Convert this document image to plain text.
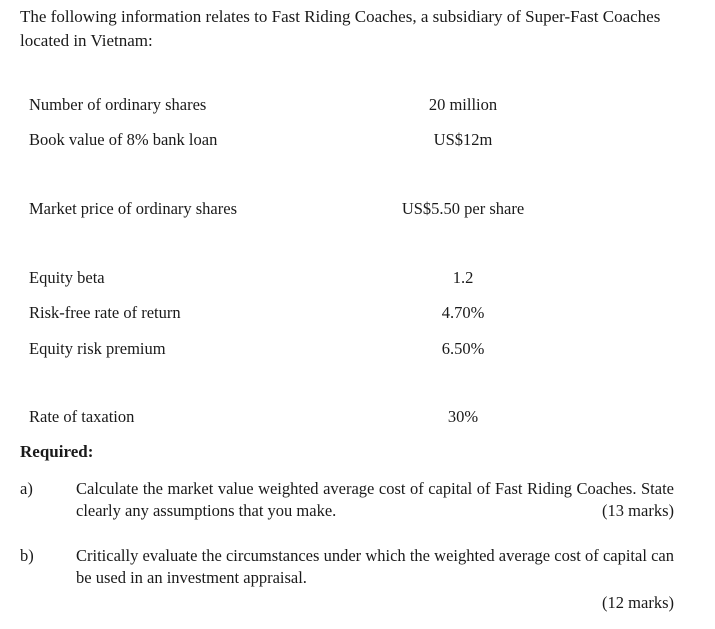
The following information relates to Fast Riding Coaches, a subsidiary of Super-Fast Coaches located in Vietnam:
Number of ordinary shares	20 million
Book value of 8% bank loan	US$12m
Market price of ordinary shares	US$5.50 per share
Equity beta	1.2
Risk-free rate of return	4.70%
Equity risk premium	6.50%
Rate of taxation	30%
Required:
a)	Calculate the market value weighted average cost of capital of Fast Riding Coaches. State clearly any assumptions that you make.	(13 marks)
b)	Critically evaluate the circumstances under which the weighted average cost of capital can be used in an investment appraisal.
(12 marks)
